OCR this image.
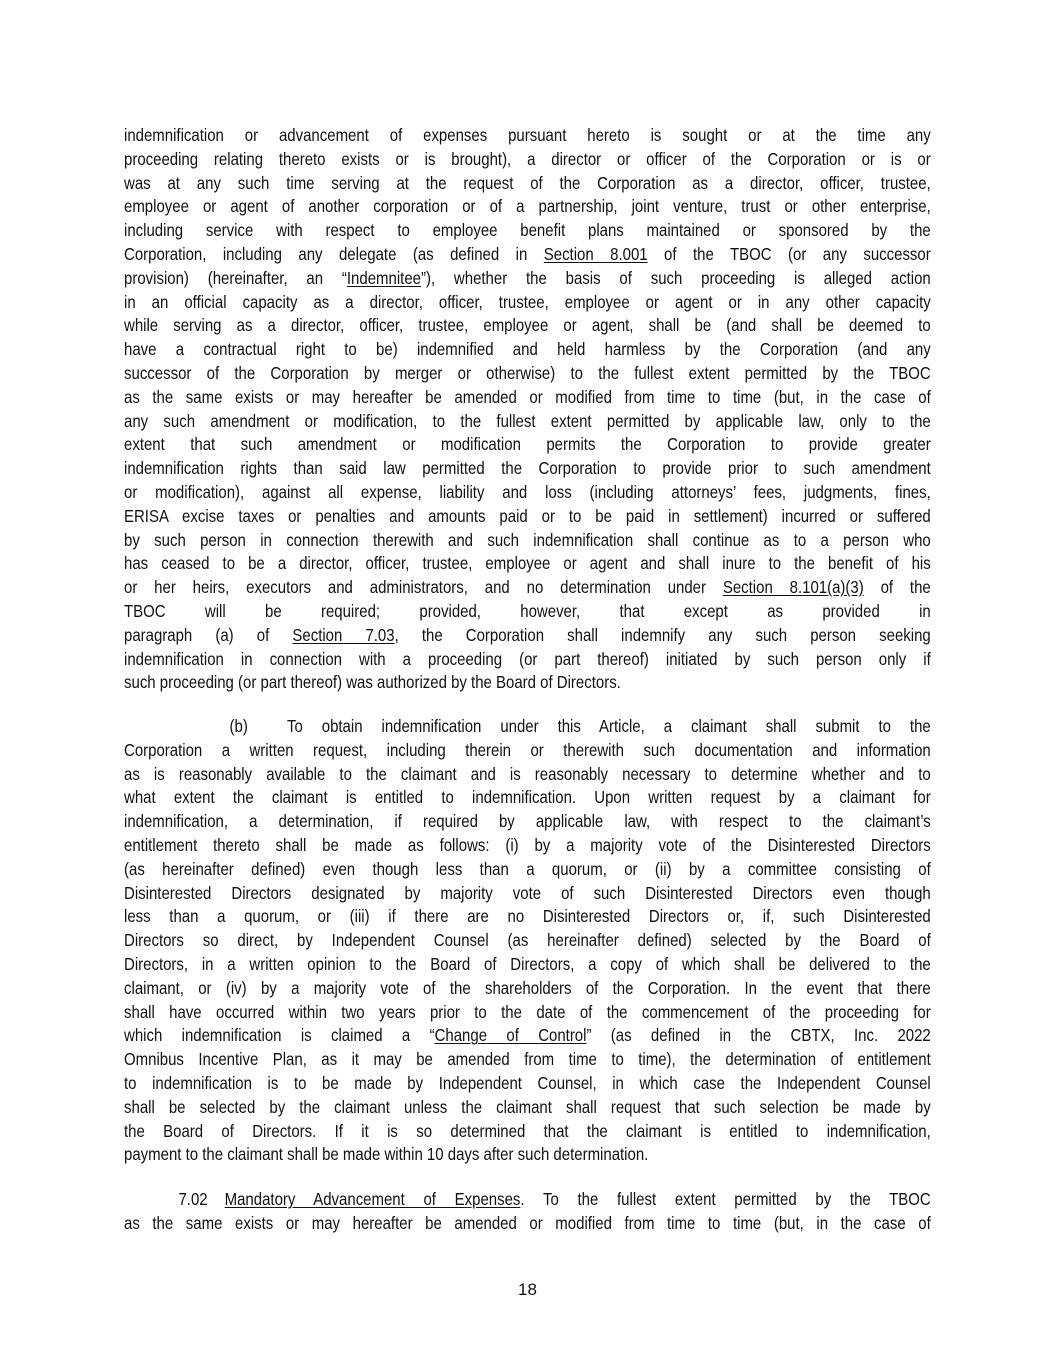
indemnification or advancement of expenses pursuant hereto is sought or at the time any
proceeding relating thereto exists or is brought), a director or officer of the Corporation or is or
was at any such time serving at the request of the Corporation as a director, officer, trustee,
employee or agent of another corporation or of a partnership, joint venture, trust or other enterprise,
including service with respect to employee benefit plans maintained or sponsored by the
Corporation, including any delegate (as defined in Section 8.001 of the TBOC (or any successor
provision) (hereinafter, an “Indemnitee”), whether the basis of such proceeding is alleged action
in an official capacity as a director, officer, trustee, employee or agent or in any other capacity
while serving as a director, officer, trustee, employee or agent, shall be (and shall be deemed to
have a contractual right to be) indemnified and held harmless by the Corporation (and any
successor of the Corporation by merger or otherwise) to the fullest extent permitted by the TBOC
as the same exists or may hereafter be amended or modified from time to time (but, in the case of
any such amendment or modification, to the fullest extent permitted by applicable law, only to the
extent that such amendment or modification permits the Corporation to provide greater
indemnification rights than said law permitted the Corporation to provide prior to such amendment
or modification), against all expense, liability and loss (including attorneys’ fees, judgments, fines,
ERISA excise taxes or penalties and amounts paid or to be paid in settlement) incurred or suffered
by such person in connection therewith and such indemnification shall continue as to a person who
has ceased to be a director, officer, trustee, employee or agent and shall inure to the benefit of his
or her heirs, executors and administrators, and no determination under Section 8.101(a)(3) of the
TBOC will be required; provided, however, that except as provided in
paragraph (a) of Section 7.03, the Corporation shall indemnify any such person seeking
indemnification in connection with a proceeding (or part thereof) initiated by such person only if
such proceeding (or part thereof) was authorized by the Board of Directors.
(b) To obtain indemnification under this Article, a claimant shall submit to the
Corporation a written request, including therein or therewith such documentation and information
as is reasonably available to the claimant and is reasonably necessary to determine whether and to
what extent the claimant is entitled to indemnification. Upon written request by a claimant for
indemnification, a determination, if required by applicable law, with respect to the claimant’s
entitlement thereto shall be made as follows: (i) by a majority vote of the Disinterested Directors
(as hereinafter defined) even though less than a quorum, or (ii) by a committee consisting of
Disinterested Directors designated by majority vote of such Disinterested Directors even though
less than a quorum, or (iii) if there are no Disinterested Directors or, if, such Disinterested
Directors so direct, by Independent Counsel (as hereinafter defined) selected by the Board of
Directors, in a written opinion to the Board of Directors, a copy of which shall be delivered to the
claimant, or (iv) by a majority vote of the shareholders of the Corporation. In the event that there
shall have occurred within two years prior to the date of the commencement of the proceeding for
which indemnification is claimed a “Change of Control” (as defined in the CBTX, Inc. 2022
Omnibus Incentive Plan, as it may be amended from time to time), the determination of entitlement
to indemnification is to be made by Independent Counsel, in which case the Independent Counsel
shall be selected by the claimant unless the claimant shall request that such selection be made by
the Board of Directors. If it is so determined that the claimant is entitled to indemnification,
payment to the claimant shall be made within 10 days after such determination.
7.02 Mandatory Advancement of Expenses. To the fullest extent permitted by the TBOC
as the same exists or may hereafter be amended or modified from time to time (but, in the case of
18
